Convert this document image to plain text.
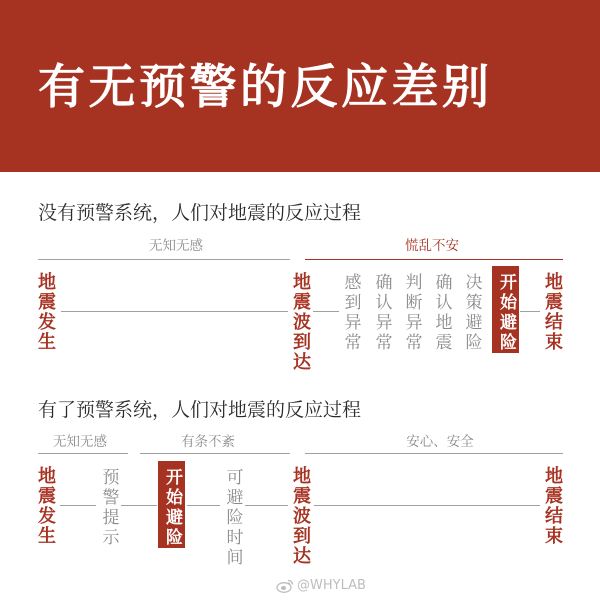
有无预警的反应差别
没有预警系统，人们对地震的反应过程
无知无感	慌乱不安
地震发生	地震波到达 感到异常 确认异常 判断异常 确认地震 决策避险 开始避险 地震结束
有了预警系统，人们对地震的反应过程
无知无感	有条不紊	安心、安全
地震发生	预警提示	开始避险 可避险时间	地震波到达	地震结束
@WHYLAB
